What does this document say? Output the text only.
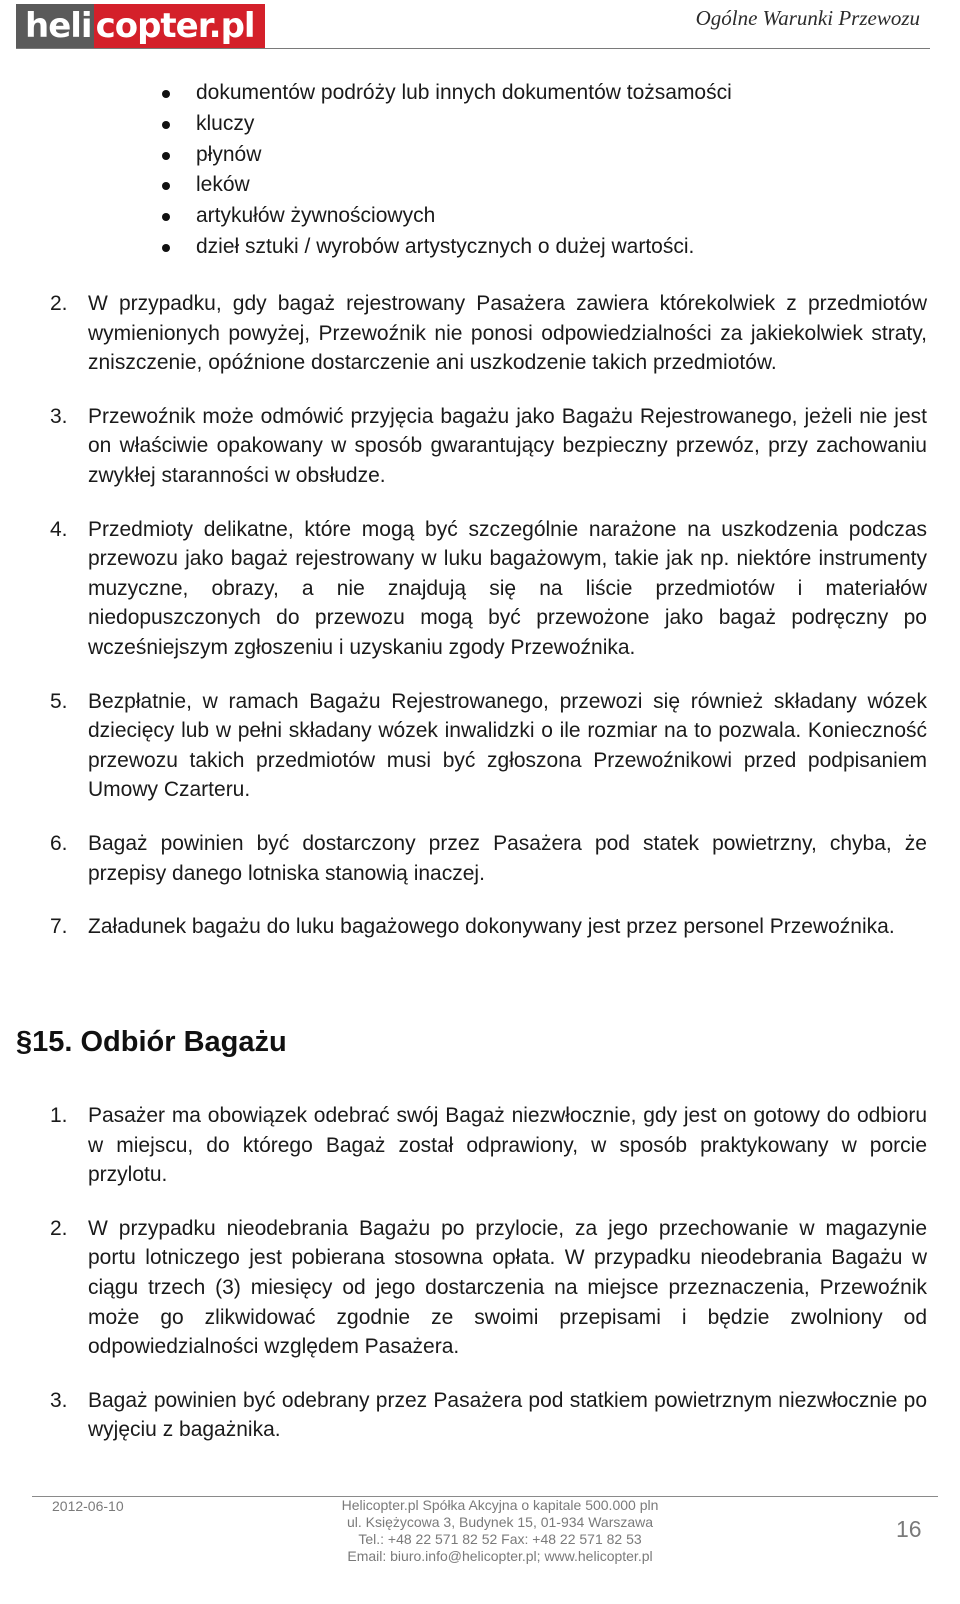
heli copter.pl	Ogólne Warunki Przewozu
dokumentów podróży lub innych dokumentów tożsamości
kluczy
płynów
leków
artykułów żywnościowych
dzieł sztuki / wyrobów artystycznych o dużej wartości.
2. W przypadku, gdy bagaż rejestrowany Pasażera zawiera którekolwiek z przedmiotów wymienionych powyżej, Przewoźnik nie ponosi odpowiedzialności za jakiekolwiek straty, zniszczenie, opóźnione dostarczenie ani uszkodzenie takich przedmiotów.
3. Przewoźnik może odmówić przyjęcia bagażu jako Bagażu Rejestrowanego, jeżeli nie jest on właściwie opakowany w sposób gwarantujący bezpieczny przewóz, przy zachowaniu zwykłej staranności w obsłudze.
4. Przedmioty delikatne, które mogą być szczególnie narażone na uszkodzenia podczas przewozu jako bagaż rejestrowany w luku bagażowym, takie jak np. niektóre instrumenty muzyczne, obrazy, a nie znajdują się na liście przedmiotów i materiałów niedopuszczonych do przewozu mogą być przewożone jako bagaż podręczny po wcześniejszym zgłoszeniu i uzyskaniu zgody Przewoźnika.
5. Bezpłatnie, w ramach Bagażu Rejestrowanego, przewozi się również składany wózek dziecięcy lub w pełni składany wózek inwalidzki o ile rozmiar na to pozwala. Konieczność przewozu takich przedmiotów musi być zgłoszona Przewoźnikowi przed podpisaniem Umowy Czarteru.
6. Bagaż powinien być dostarczony przez Pasażera pod statek powietrzny, chyba, że przepisy danego lotniska stanowią inaczej.
7. Załadunek bagażu do luku bagażowego dokonywany jest przez personel Przewoźnika.
§15. Odbiór Bagażu
1. Pasażer ma obowiązek odebrać swój Bagaż niezwłocznie, gdy jest on gotowy do odbioru w miejscu, do którego Bagaż został odprawiony, w sposób praktykowany w porcie przylotu.
2. W przypadku nieodebrania Bagażu po przylocie, za jego przechowanie w magazynie portu lotniczego jest pobierana stosowna opłata. W przypadku nieodebrania Bagażu w ciągu trzech (3) miesięcy od jego dostarczenia na miejsce przeznaczenia, Przewoźnik może go zlikwidować zgodnie ze swoimi przepisami i będzie zwolniony od odpowiedzialności względem Pasażera.
3. Bagaż powinien być odebrany przez Pasażera pod statkiem powietrznym niezwłocznie po wyjęciu z bagażnika.
2012-06-10	Helicopter.pl Spółka Akcyjna o kapitale 500.000 pln
ul. Księżycowa 3, Budynek 15, 01-934 Warszawa
Tel.: +48 22 571 82 52 Fax: +48 22 571 82 53
Email: biuro.info@helicopter.pl; www.helicopter.pl
16
